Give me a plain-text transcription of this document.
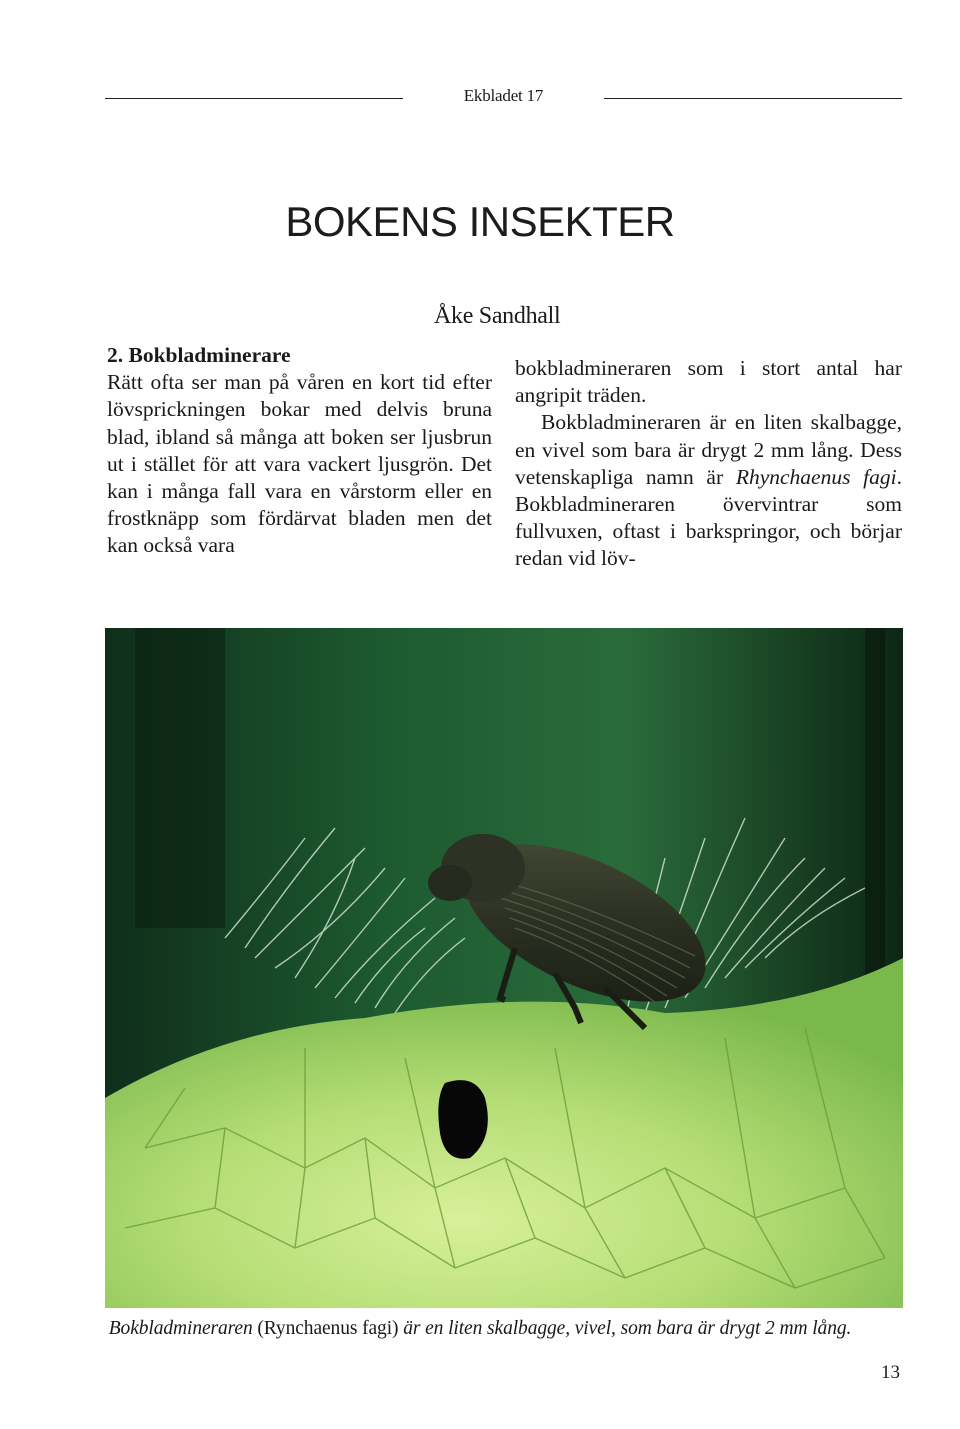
Ekbladet 17
BOKENS INSEKTER
Åke Sandhall
2. Bokbladminerare

Rätt ofta ser man på våren en kort tid efter lövsprickningen bokar med delvis bruna blad, ibland så många att boken ser ljusbrun ut i stället för att vara vackert ljusgrön. Det kan i många fall vara en vårstorm eller en frostknäpp som fördärvat bladen men det kan också vara

bokbladmineraren som i stort antal har angripit träden.

Bokbladmineraren är en liten skalbagge, en vivel som bara är drygt 2 mm lång. Dess vetenskapliga namn är Rhynchaenus fagi. Bokbladmineraren övervintrar som fullvuxen, oftast i barkspringor, och börjar redan vid löv-

Bokbladmineraren (Rynchaenus fagi) är en liten skalbagge, vivel, som bara är drygt 2 mm lång.
13
